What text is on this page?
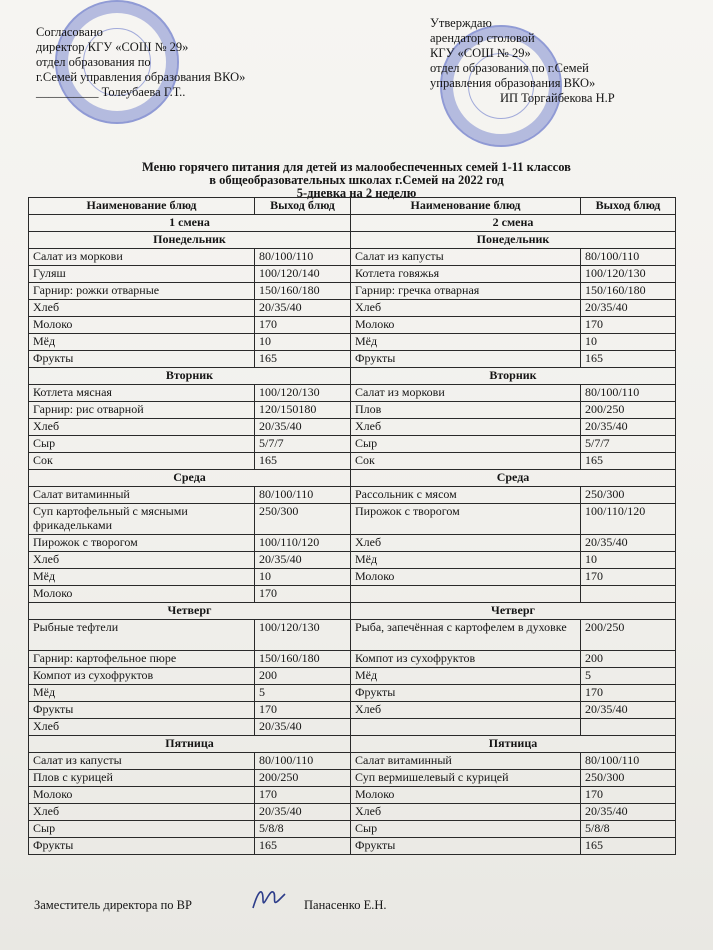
Согласовано
директор КГУ «СОШ № 29»
отдел образования по
г.Семей управления образования ВКО»
__________ Толеубаева Г.Т..
Утверждаю
арендатор столовой
КГУ «СОШ № 29»
отдел образования по г.Семей
управления образования ВКО»
ИП Торгайбекова Н.Р
Меню горячего питания для детей из малообеспеченных семей 1-11 классов
в общеобразовательных школах г.Семей на 2022 год
5-дневка на 2 неделю
Наименование блюд	Выход блюд	Наименование блюд	Выход блюд
1 смена		2 смена	
Понедельник		Понедельник	
Салат из моркови	80/100/110	Салат из капусты	80/100/110
Гуляш	100/120/140	Котлета говяжья	100/120/130
Гарнир: рожки отварные	150/160/180	Гарнир: гречка отварная	150/160/180
Хлеб	20/35/40	Хлеб	20/35/40
Молоко	170	Молоко	170
Мёд	10	Мёд	10
Фрукты	165	Фрукты	165
Вторник		Вторник	
Котлета мясная	100/120/130	Салат из моркови	80/100/110
Гарнир: рис отварной	120/150180	Плов	200/250
Хлеб	20/35/40	Хлеб	20/35/40
Сыр	5/7/7	Сыр	5/7/7
Сок	165	Сок	165
Среда		Среда	
Салат витаминный	80/100/110	Рассольник с мясом	250/300
Суп картофельный с мясными фрикадельками	250/300	Пирожок с творогом	100/110/120
Пирожок с творогом	100/110/120	Хлеб	20/35/40
Хлеб	20/35/40	Мёд	10
Мёд	10	Молоко	170
Молоко	170		
Четверг		Четверг	
Рыбные тефтели	100/120/130	Рыба, запечённая с картофелем в духовке	200/250
Гарнир: картофельное пюре	150/160/180	Компот из сухофруктов	200
Компот из сухофруктов	200	Мёд	5
Мёд	5	Фрукты	170
Фрукты	170	Хлеб	20/35/40
Хлеб	20/35/40		
Пятница		Пятница	
Салат из капусты	80/100/110	Салат витаминный	80/100/110
Плов с курицей	200/250	Суп вермишелевый с курицей	250/300
Молоко	170	Молоко	170
Хлеб	20/35/40	Хлеб	20/35/40
Сыр	5/8/8	Сыр	5/8/8
Фрукты	165	Фрукты	165
Заместитель директора по ВР	Панасенко Е.Н.
